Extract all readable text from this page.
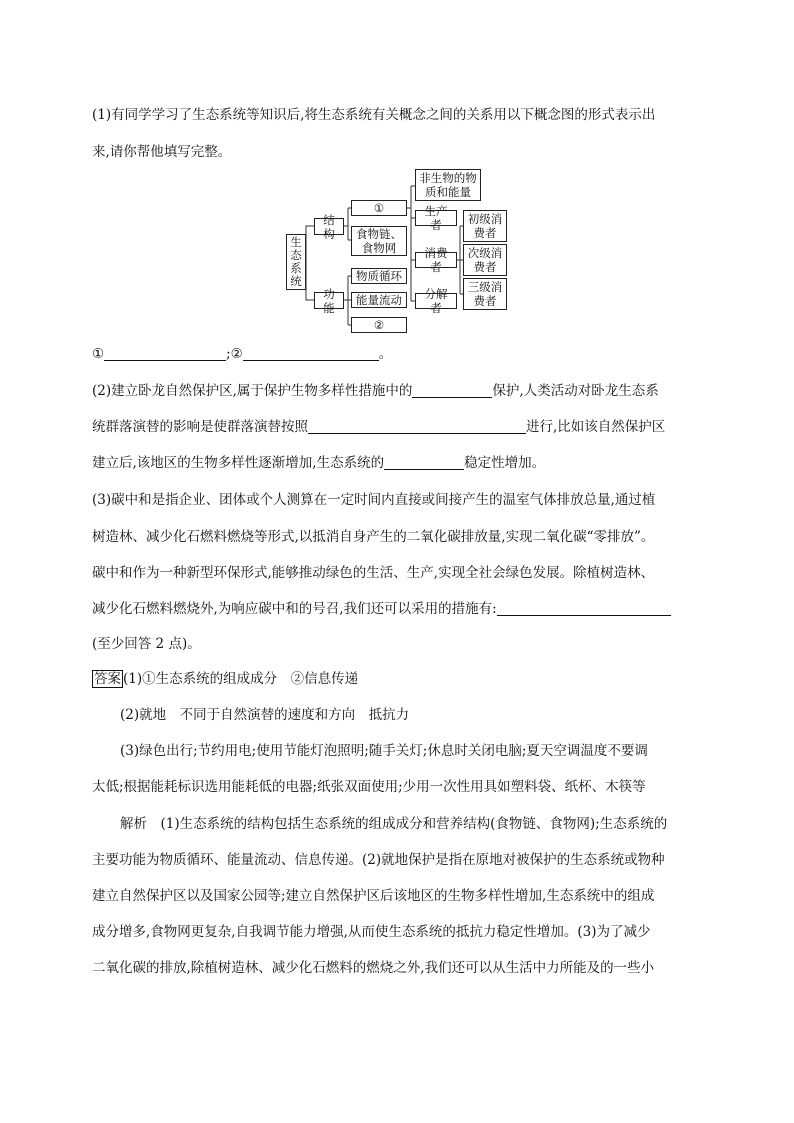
(1)有同学学习了生态系统等知识后,将生态系统有关概念之间的关系用以下概念图的形式表示出
来,请你帮他填写完整。
生
态
系
统
结构
功能
①
食物链、
食物网
物质循环
能量流动
②
非生物的物
质和能量
生产者
消费者
分解者
初级消
费者
次级消
费者
三级消
费者
①	;②	。
(2)建立卧龙自然保护区,属于保护生物多样性措施中的	保护,人类活动对卧龙生态系
统群落演替的影响是使群落演替按照	进行,比如该自然保护区
建立后,该地区的生物多样性逐渐增加,生态系统的	稳定性增加。
(3)碳中和是指企业、团体或个人测算在一定时间内直接或间接产生的温室气体排放总量,通过植
树造林、减少化石燃料燃烧等形式,以抵消自身产生的二氧化碳排放量,实现二氧化碳“零排放”。
碳中和作为一种新型环保形式,能够推动绿色的生活、生产,实现全社会绿色发展。除植树造林、
减少化石燃料燃烧外,为响应碳中和的号召,我们还可以采用的措施有:
(至少回答 2 点)。
答案 (1)①生态系统的组成成分　②信息传递
(2)就地　不同于自然演替的速度和方向　抵抗力
(3)绿色出行;节约用电;使用节能灯泡照明;随手关灯;休息时关闭电脑;夏天空调温度不要调
太低;根据能耗标识选用能耗低的电器;纸张双面使用;少用一次性用具如塑料袋、纸杯、木筷等
解析　(1)生态系统的结构包括生态系统的组成成分和营养结构(食物链、食物网);生态系统的
主要功能为物质循环、能量流动、信息传递。(2)就地保护是指在原地对被保护的生态系统或物种
建立自然保护区以及国家公园等;建立自然保护区后该地区的生物多样性增加,生态系统中的组成
成分增多,食物网更复杂,自我调节能力增强,从而使生态系统的抵抗力稳定性增加。(3)为了减少
二氧化碳的排放,除植树造林、减少化石燃料的燃烧之外,我们还可以从生活中力所能及的一些小
